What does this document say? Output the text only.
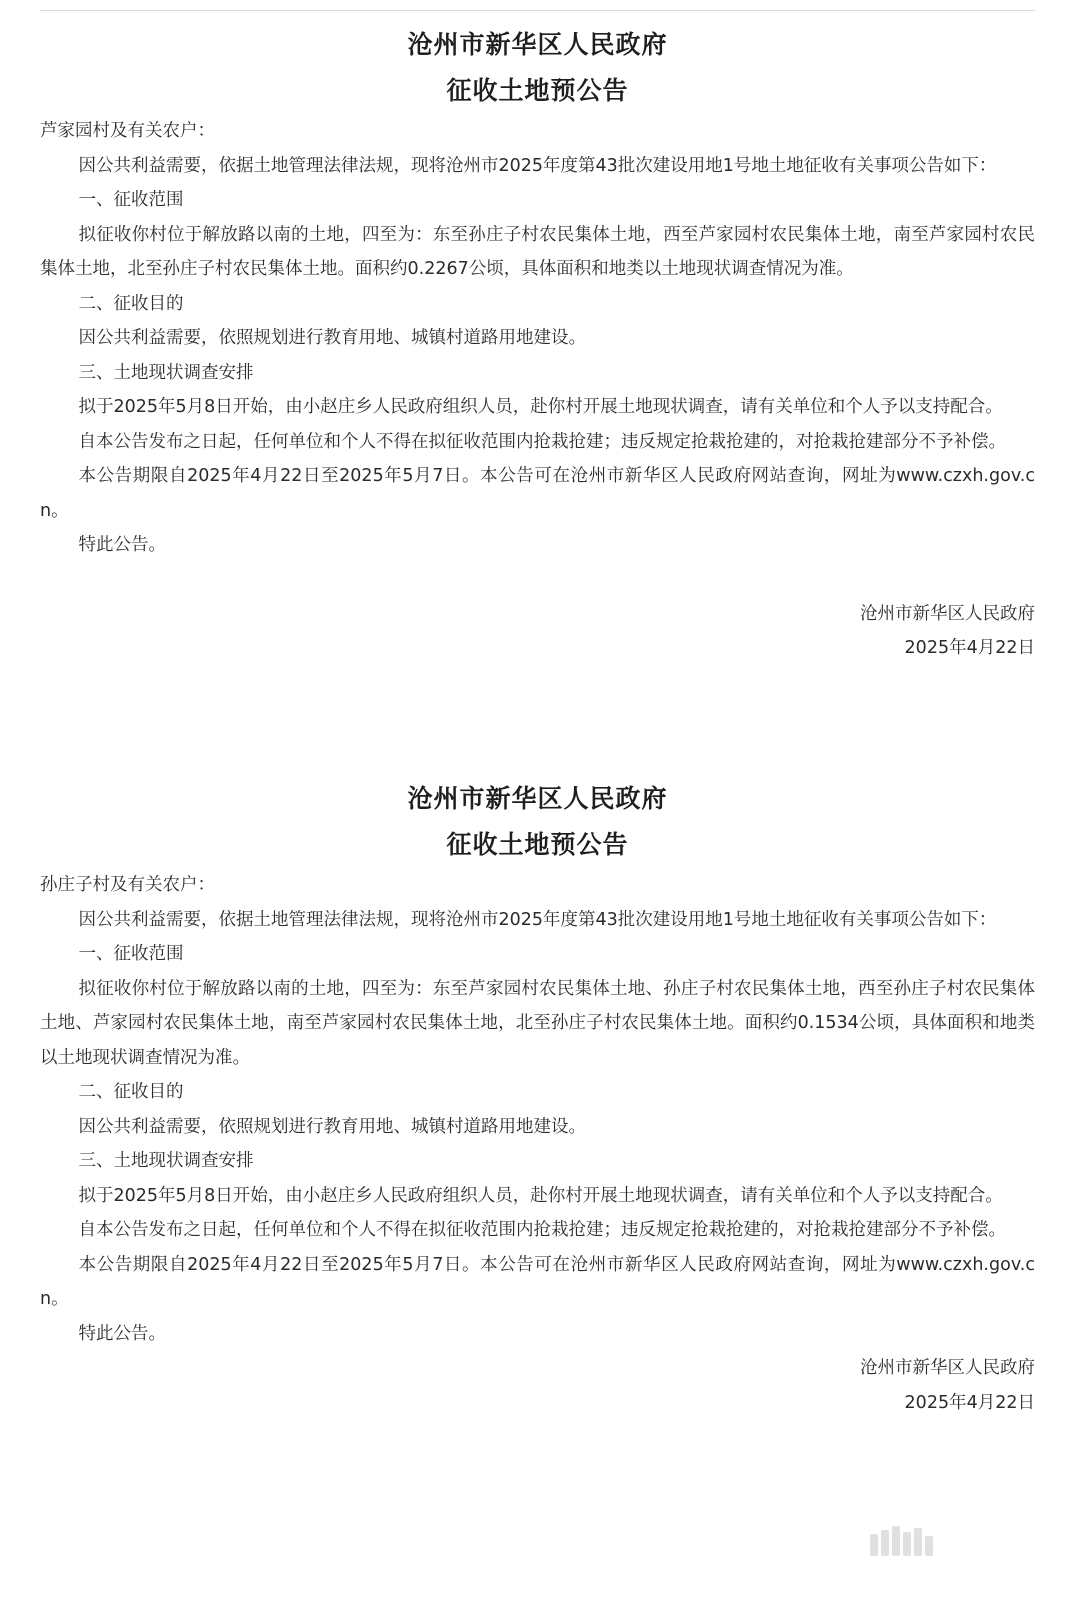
沧州市新华区人民政府
征收土地预公告

芦家园村及有关农户：

因公共利益需要，依据土地管理法律法规，现将沧州市2025年度第43批次建设用地1号地土地征收有关事项公告如下：

一、征收范围

拟征收你村位于解放路以南的土地，四至为：东至孙庄子村农民集体土地，西至芦家园村农民集体土地，南至芦家园村农民集体土地，北至孙庄子村农民集体土地。面积约0.2267公顷，具体面积和地类以土地现状调查情况为准。

二、征收目的

因公共利益需要，依照规划进行教育用地、城镇村道路用地建设。

三、土地现状调查安排

拟于2025年5月8日开始，由小赵庄乡人民政府组织人员，赴你村开展土地现状调查，请有关单位和个人予以支持配合。

自本公告发布之日起，任何单位和个人不得在拟征收范围内抢栽抢建；违反规定抢栽抢建的，对抢栽抢建部分不予补偿。

本公告期限自2025年4月22日至2025年5月7日。本公告可在沧州市新华区人民政府网站查询，网址为www.czxh.gov.cn。

特此公告。

沧州市新华区人民政府

2025年4月22日

沧州市新华区人民政府
征收土地预公告

孙庄子村及有关农户：

因公共利益需要，依据土地管理法律法规，现将沧州市2025年度第43批次建设用地1号地土地征收有关事项公告如下：

一、征收范围

拟征收你村位于解放路以南的土地，四至为：东至芦家园村农民集体土地、孙庄子村农民集体土地，西至孙庄子村农民集体土地、芦家园村农民集体土地，南至芦家园村农民集体土地，北至孙庄子村农民集体土地。面积约0.1534公顷，具体面积和地类以土地现状调查情况为准。

二、征收目的

因公共利益需要，依照规划进行教育用地、城镇村道路用地建设。

三、土地现状调查安排

拟于2025年5月8日开始，由小赵庄乡人民政府组织人员，赴你村开展土地现状调查，请有关单位和个人予以支持配合。

自本公告发布之日起，任何单位和个人不得在拟征收范围内抢栽抢建；违反规定抢栽抢建的，对抢栽抢建部分不予补偿。

本公告期限自2025年4月22日至2025年5月7日。本公告可在沧州市新华区人民政府网站查询，网址为www.czxh.gov.cn。

特此公告。

沧州市新华区人民政府

2025年4月22日
